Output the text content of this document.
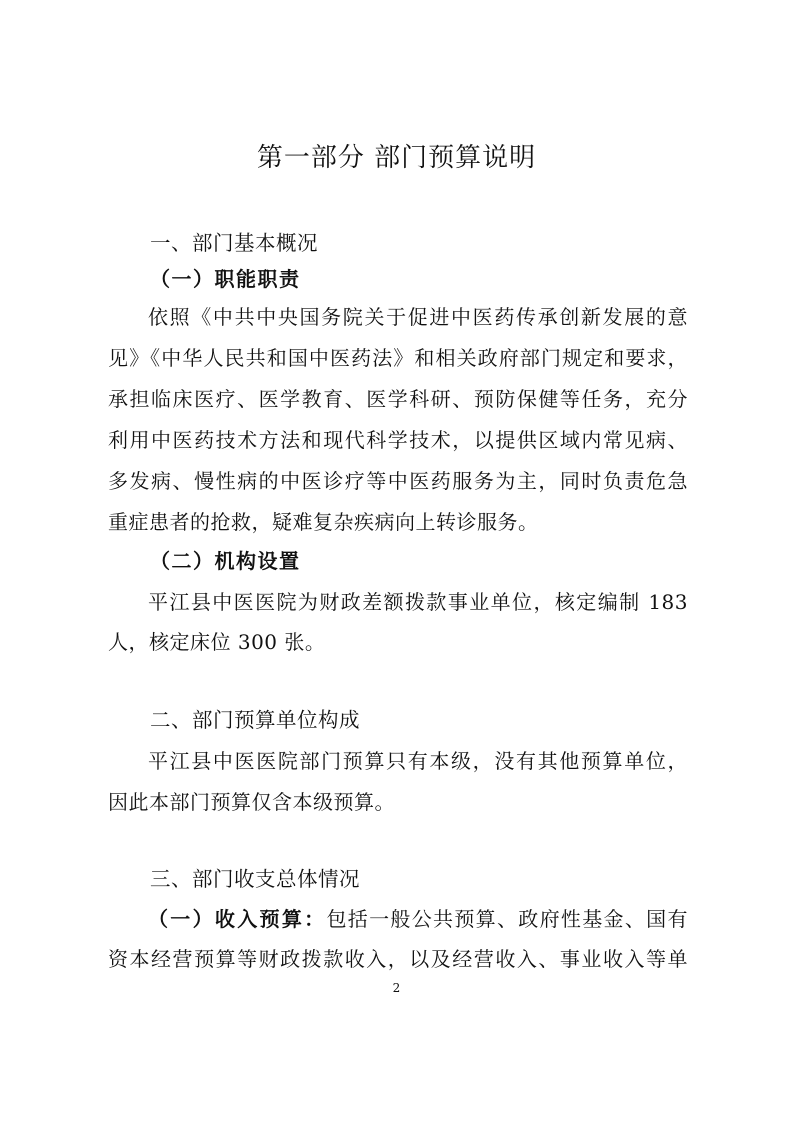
第一部分 部门预算说明
一、部门基本概况
（一）职能职责
依照《中共中央国务院关于促进中医药传承创新发展的意
见》《中华人民共和国中医药法》和相关政府部门规定和要求，
承担临床医疗、医学教育、医学科研、预防保健等任务，充分
利用中医药技术方法和现代科学技术，以提供区域内常见病、
多发病、慢性病的中医诊疗等中医药服务为主，同时负责危急
重症患者的抢救，疑难复杂疾病向上转诊服务。
（二）机构设置
平江县中医医院为财政差额拨款事业单位，核定编制 183
人，核定床位 300 张。
二、部门预算单位构成
平江县中医医院部门预算只有本级，没有其他预算单位，
因此本部门预算仅含本级预算。
三、部门收支总体情况
（一）收入预算：包括一般公共预算、政府性基金、国有
资本经营预算等财政拨款收入，以及经营收入、事业收入等单
2
